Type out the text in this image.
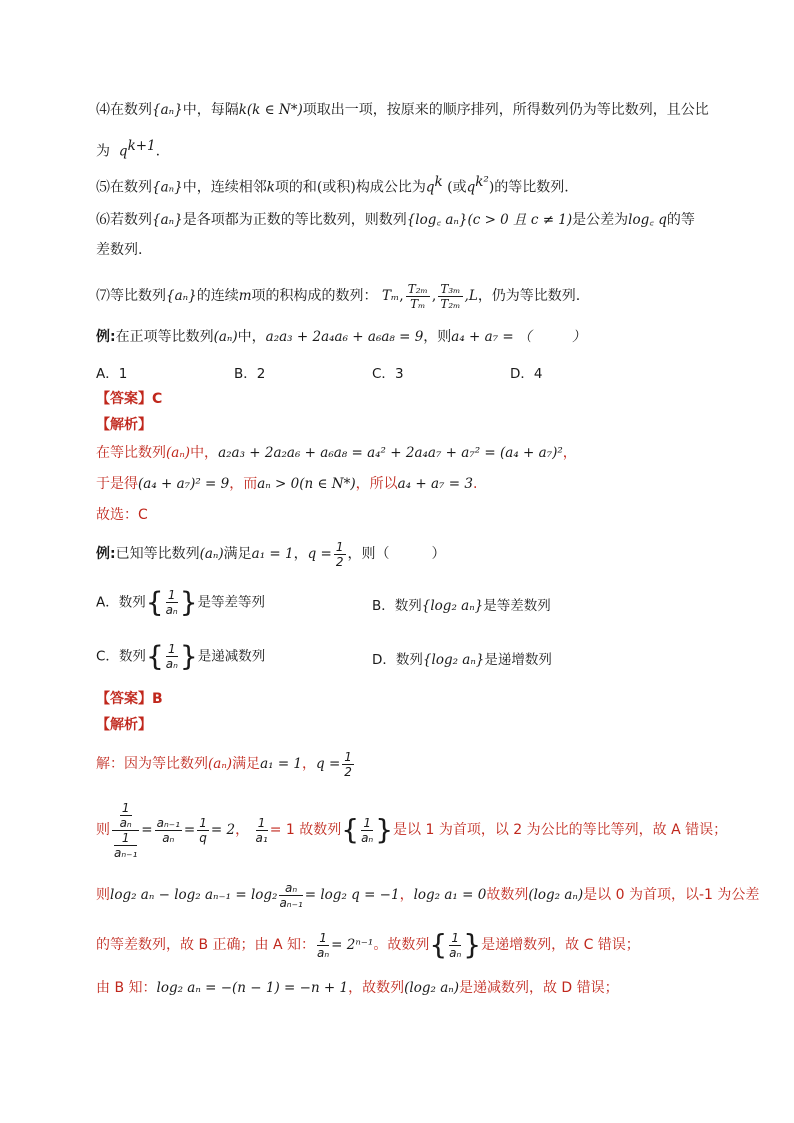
⑷在数列{aₙ}中，每隔k(k ∈ N*)项取出一项，按原来的顺序排列，所得数列仍为等比数列，且公比
为 $q^{k+1}$.
⑸在数列{aₙ}中，连续相邻k项的和(或积)构成公比为$q^k$ (或$q^{k^2}$)的等比数列.
⑹若数列{aₙ}是各项都为正数的等比数列，则数列{log꜀ aₙ}(c > 0 且 c ≠ 1)是公差为log꜀ q的等
差数列.
⑺等比数列{aₙ}的连续m项的积构成的数列： Tₘ, $\frac{\text{T₂ₘ}}{\text{Tₘ}}$ , $\frac{\text{T₃ₘ}}{\text{T₂ₘ}} ,L$，仍为等比数列.
例:在正项等比数列(aₙ)中，a₂a₃ + 2a₄a₆ + a₆a₈ = 9，则a₄ + a₇ = （　　　）
A．1	B．2	C．3	D．4
【答案】C
【解析】
在等比数列(aₙ)中，a₂a₃ + 2a₂a₆ + a₆a₈ = a₄² + 2a₄a₇ + a₇² = (a₄ + a₇)²，
于是得(a₄ + a₇)² = 9，而aₙ > 0(n ∈ N*)，所以a₄ + a₇ = 3.
故选：C
例:已知等比数列(aₙ)满足a₁ = 1，$q = \frac{1}{2}$ ，则（　　　）
A．数列{ $\frac{1}{\text{aₙ}}$ }是等差等列	B．数列{log₂ aₙ}是等差数列
C．数列{ $\frac{1}{\text{aₙ}}$ }是递减数列	D．数列{log₂ aₙ}是递增数列
【答案】B
【解析】
解：因为等比数列(aₙ)满足a₁ = 1，$q = \frac{1}{2}$
则 $\frac{\frac{1}{\text{aₙ}}}{\frac{1}{\text{aₙ₋₁}}} = \frac{\text{aₙ₋₁}}{\text{aₙ}} = \frac{1}{q} = 2$， $\frac{1}{\text{a₁}} = 1$ 故数列{ $\frac{1}{\text{aₙ}}$ }是以 1 为首项，以 2 为公比的等比等列，故 A 错误；
则log₂ aₙ − log₂ $a_{n-1} = \log_2 \frac{\text{aₙ}}{\text{aₙ₋₁}} = \log_2$ q = −1，log₂ a₁ = 0故数列(log₂ aₙ)是以 0 为首项，以-1 为公差
的等差数列，故 B 正确；由 A 知： $\frac{1}{\text{aₙ}} = 2^{n-1}$。故数列{ $\frac{1}{\text{aₙ}}$ }是递增数列，故 C 错误；
由 B 知：log₂ aₙ = −(n − 1) = −n + 1，故数列(log₂ aₙ)是递减数列，故 D 错误；
